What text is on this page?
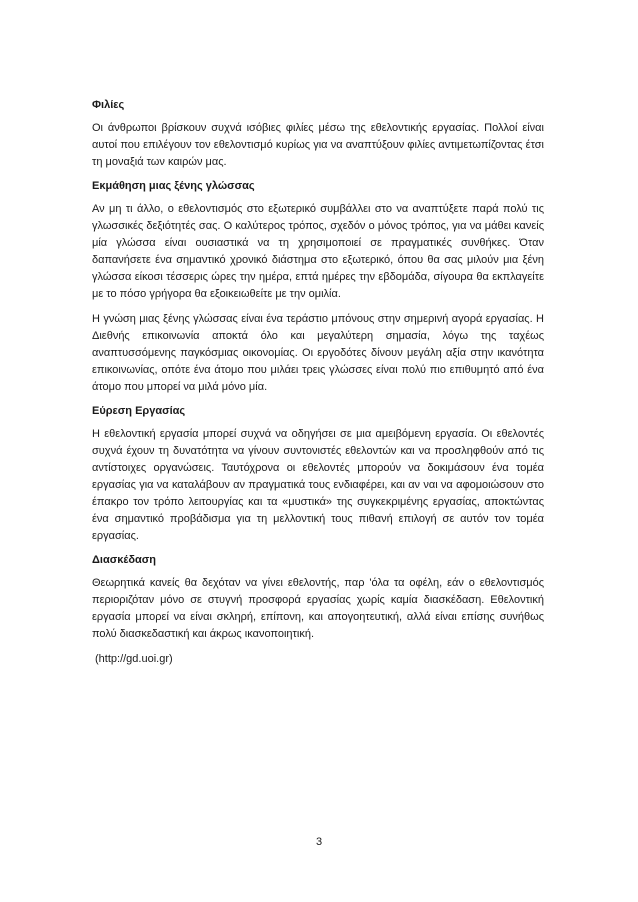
Φιλίες

Οι άνθρωποι βρίσκουν συχνά ισόβιες φιλίες μέσω της εθελοντικής εργασίας. Πολλοί είναι αυτοί που επιλέγουν τον εθελοντισμό κυρίως για να αναπτύξουν φιλίες αντιμετωπίζοντας έτσι τη μοναξιά των καιρών μας.

Εκμάθηση μιας ξένης γλώσσας

Αν μη τι άλλο, ο εθελοντισμός στο εξωτερικό συμβάλλει στο να αναπτύξετε παρά πολύ τις γλωσσικές δεξιότητές σας. Ο καλύτερος τρόπος, σχεδόν ο μόνος τρόπος, για να μάθει κανείς μία γλώσσα είναι ουσιαστικά να τη χρησιμοποιεί σε πραγματικές συνθήκες. Όταν δαπανήσετε ένα σημαντικό χρονικό διάστημα στο εξωτερικό, όπου θα σας μιλούν μια ξένη γλώσσα είκοσι τέσσερις ώρες την ημέρα, επτά ημέρες την εβδομάδα, σίγουρα θα εκπλαγείτε με το πόσο γρήγορα θα εξοικειωθείτε με την ομιλία.

Η γνώση μιας ξένης γλώσσας είναι ένα τεράστιο μπόνους στην σημερινή αγορά εργασίας. Η Διεθνής επικοινωνία αποκτά όλο και μεγαλύτερη σημασία, λόγω της ταχέως αναπτυσσόμενης παγκόσμιας οικονομίας. Οι εργοδότες δίνουν μεγάλη αξία στην ικανότητα επικοινωνίας, οπότε ένα άτομο που μιλάει τρεις γλώσσες είναι πολύ πιο επιθυμητό από ένα άτομο που μπορεί να μιλά μόνο μία.

Εύρεση Εργασίας

Η εθελοντική εργασία μπορεί συχνά να οδηγήσει σε μια αμειβόμενη εργασία. Οι εθελοντές συχνά έχουν τη δυνατότητα να γίνουν συντονιστές εθελοντών και να προσληφθούν από τις αντίστοιχες οργανώσεις. Ταυτόχρονα οι εθελοντές μπορούν να δοκιμάσουν ένα τομέα εργασίας για να καταλάβουν αν πραγματικά τους ενδιαφέρει, και αν ναι να αφομοιώσουν στο έπακρο τον τρόπο λειτουργίας και τα «μυστικά» της συγκεκριμένης εργασίας, αποκτώντας ένα σημαντικό προβάδισμα για τη μελλοντική τους πιθανή επιλογή σε αυτόν τον τομέα εργασίας.

Διασκέδαση

Θεωρητικά κανείς θα δεχόταν να γίνει εθελοντής, παρ 'όλα τα οφέλη, εάν ο εθελοντισμός περιοριζόταν μόνο σε στυγνή προσφορά εργασίας χωρίς καμία διασκέδαση. Εθελοντική εργασία μπορεί να είναι σκληρή, επίπονη, και απογοητευτική, αλλά είναι επίσης συνήθως πολύ διασκεδαστική και άκρως ικανοποιητική.

(http://gd.uoi.gr)

3
